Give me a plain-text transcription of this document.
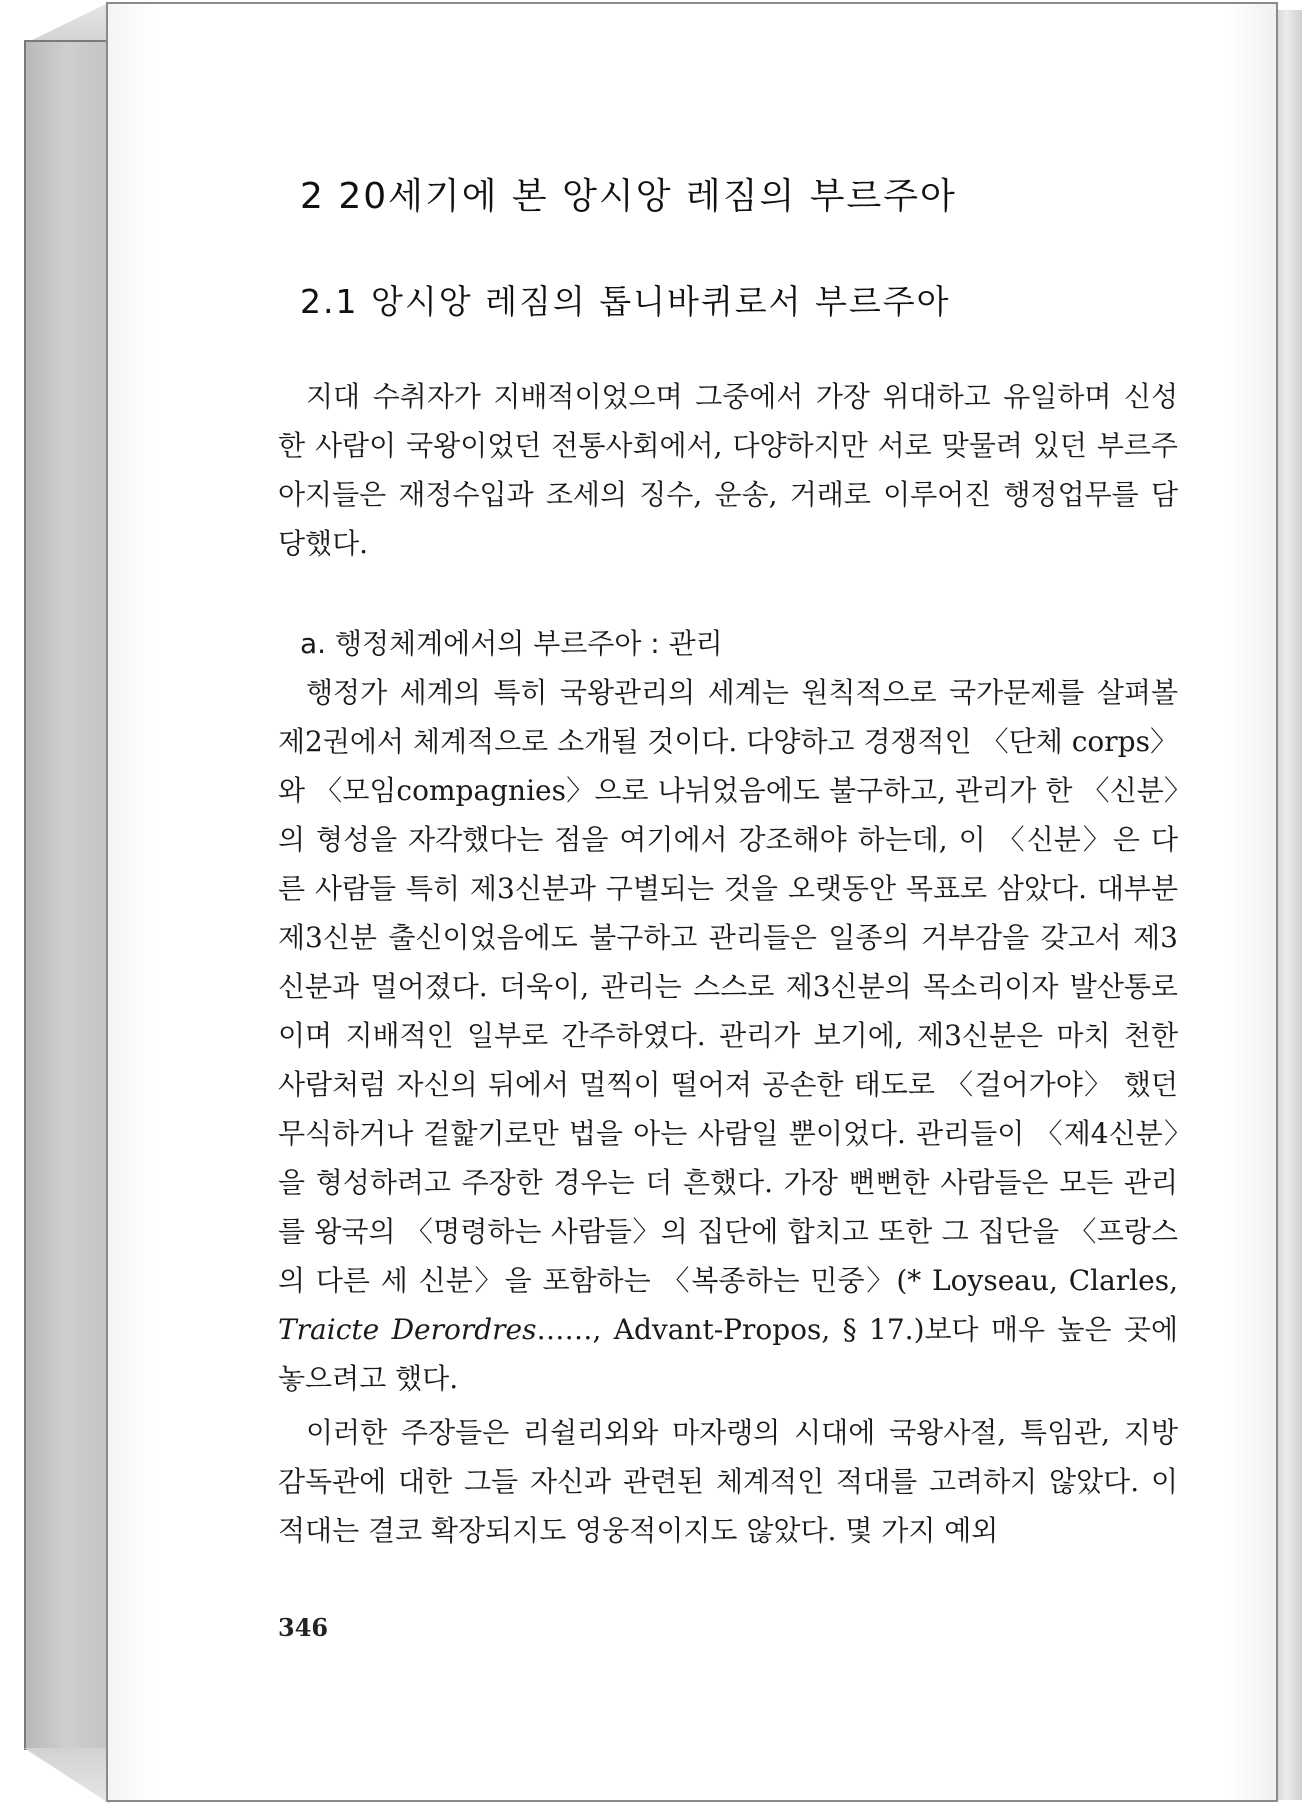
2 20세기에 본 앙시앙 레짐의 부르주아
2.1 앙시앙 레짐의 톱니바퀴로서 부르주아
지대 수취자가 지배적이었으며 그중에서 가장 위대하고 유일하며 신성한 사람이 국왕이었던 전통사회에서, 다양하지만 서로 맞물려 있던 부르주아지들은 재정수입과 조세의 징수, 운송, 거래로 이루어진 행정업무를 담당했다.
a. 행정체계에서의 부르주아 : 관리
행정가 세계의 특히 국왕관리의 세계는 원칙적으로 국가문제를 살펴볼 제2권에서 체계적으로 소개될 것이다. 다양하고 경쟁적인 〈단체 corps〉와 〈모임compagnies〉으로 나뉘었음에도 불구하고, 관리가 한 〈신분〉의 형성을 자각했다는 점을 여기에서 강조해야 하는데, 이 〈신분〉은 다른 사람들 특히 제3신분과 구별되는 것을 오랫동안 목표로 삼았다. 대부분 제3신분 출신이었음에도 불구하고 관리들은 일종의 거부감을 갖고서 제3신분과 멀어졌다. 더욱이, 관리는 스스로 제3신분의 목소리이자 발산통로이며 지배적인 일부로 간주하였다. 관리가 보기에, 제3신분은 마치 천한 사람처럼 자신의 뒤에서 멀찍이 떨어져 공손한 태도로 〈걸어가야〉 했던 무식하거나 겉핥기로만 법을 아는 사람일 뿐이었다. 관리들이 〈제4신분〉을 형성하려고 주장한 경우는 더 흔했다. 가장 뻔뻔한 사람들은 모든 관리를 왕국의 〈명령하는 사람들〉의 집단에 합치고 또한 그 집단을 〈프랑스의 다른 세 신분〉을 포함하는 〈복종하는 민중〉(* Loyseau, Clarles, Traicte Derordres……, Advant-Propos, § 17.)보다 매우 높은 곳에 놓으려고 했다.
이러한 주장들은 리쉴리외와 마자랭의 시대에 국왕사절, 특임관, 지방 감독관에 대한 그들 자신과 관련된 체계적인 적대를 고려하지 않았다. 이 적대는 결코 확장되지도 영웅적이지도 않았다. 몇 가지 예외
346
